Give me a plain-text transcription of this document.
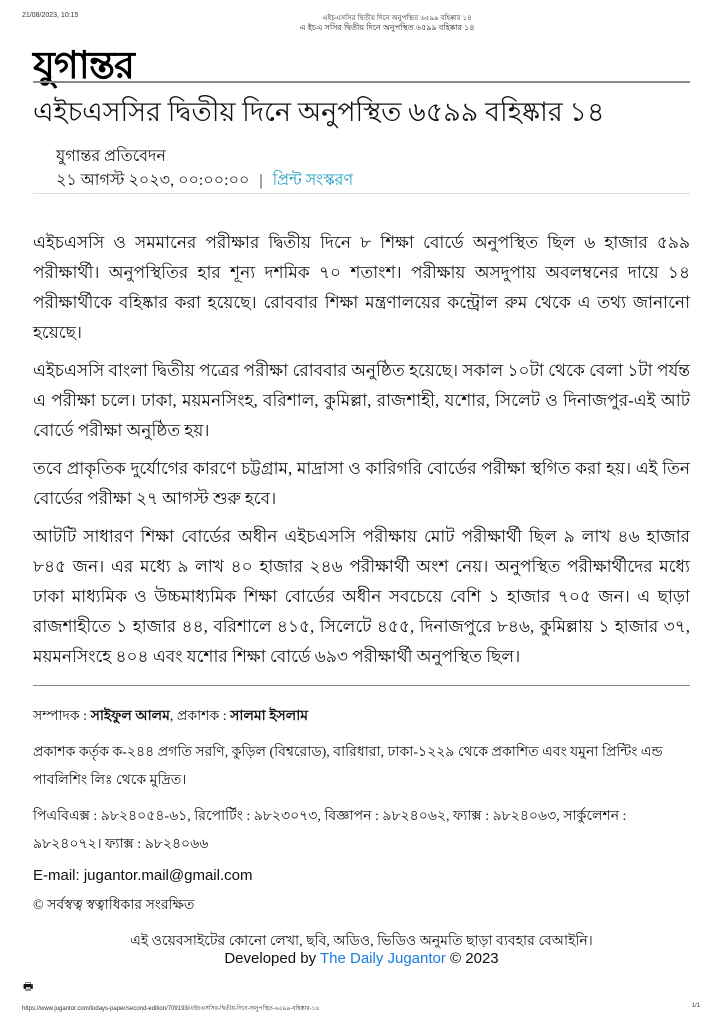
21/08/2023, 10:15	এইচএসসির দ্বিতীয় দিনে অনুপস্থিত ৬৫৯৯ বহিষ্কার ১৪
এ ইচএ সসির দ্বিতীয় দিনে অনুপস্থিত ৬৫৯৯ বহিষ্কার ১৪
যুগান্তর
এইচএসসির দ্বিতীয় দিনে অনুপস্থিত ৬৫৯৯ বহিষ্কার ১৪
যুগান্তর প্রতিবেদন
২১ আগস্ট ২০২৩, ০০:০০:০০ | প্রিন্ট সংস্করণ

এইচএসসি ও সমমানের পরীক্ষার দ্বিতীয় দিনে ৮ শিক্ষা বোর্ডে অনুপস্থিত ছিল ৬ হাজার ৫৯৯ পরীক্ষার্থী। অনুপস্থিতির হার শূন্য দশমিক ৭০ শতাংশ। পরীক্ষায় অসদুপায় অবলম্বনের দায়ে ১৪ পরীক্ষার্থীকে বহিষ্কার করা হয়েছে। রোববার শিক্ষা মন্ত্রণালয়ের কন্ট্রোল রুম থেকে এ তথ্য জানানো হয়েছে।

এইচএসসি বাংলা দ্বিতীয় পত্রের পরীক্ষা রোববার অনুষ্ঠিত হয়েছে। সকাল ১০টা থেকে বেলা ১টা পর্যন্ত এ পরীক্ষা চলে। ঢাকা, ময়মনসিংহ, বরিশাল, কুমিল্লা, রাজশাহী, যশোর, সিলেট ও দিনাজপুর-এই আট বোর্ডে পরীক্ষা অনুষ্ঠিত হয়।

তবে প্রাকৃতিক দুর্যোগের কারণে চট্টগ্রাম, মাদ্রাসা ও কারিগরি বোর্ডের পরীক্ষা স্থগিত করা হয়। এই তিন বোর্ডের পরীক্ষা ২৭ আগস্ট শুরু হবে।

আটটি সাধারণ শিক্ষা বোর্ডের অধীন এইচএসসি পরীক্ষায় মোট পরীক্ষার্থী ছিল ৯ লাখ ৪৬ হাজার ৮৪৫ জন। এর মধ্যে ৯ লাখ ৪০ হাজার ২৪৬ পরীক্ষার্থী অংশ নেয়। অনুপস্থিত পরীক্ষার্থীদের মধ্যে ঢাকা মাধ্যমিক ও উচ্চমাধ্যমিক শিক্ষা বোর্ডের অধীন সবচেয়ে বেশি ১ হাজার ৭০৫ জন। এ ছাড়া রাজশাহীতে ১ হাজার ৪৪, বরিশালে ৪১৫, সিলেটে ৪৫৫, দিনাজপুরে ৮৪৬, কুমিল্লায় ১ হাজার ৩৭, ময়মনসিংহে ৪০৪ এবং যশোর শিক্ষা বোর্ডে ৬৯৩ পরীক্ষার্থী অনুপস্থিত ছিল।

সম্পাদক : সাইফুল আলম, প্রকাশক : সালমা ইসলাম

প্রকাশক কর্তৃক ক-২৪৪ প্রগতি সরণি, কুড়িল (বিশ্বরোড), বারিধারা, ঢাকা-১২২৯ থেকে প্রকাশিত এবং যমুনা প্রিন্টিং এন্ড পাবলিশিং লিঃ থেকে মুদ্রিত।

পিএবিএক্স : ৯৮২৪০৫৪-৬১, রিপোর্টিং : ৯৮২৩০৭৩, বিজ্ঞাপন : ৯৮২৪০৬২, ফ্যাক্স : ৯৮২৪০৬৩, সার্কুলেশন : ৯৮২৪০৭২। ফ্যাক্স : ৯৮২৪০৬৬

E-mail: jugantor.mail@gmail.com

© সর্বস্বত্ব স্বত্বাধিকার সংরক্ষিত

এই ওয়েবসাইটের কোনো লেখা, ছবি, অডিও, ভিডিও অনুমতি ছাড়া ব্যবহার বেআইনি।

Developed by The Daily Jugantor © 2023

🖶
https://www.jugantor.com/todays-paper/second-edition/709193/এইচএসসির-দ্বিতীয়-দিনে-অনুপস্থিত-৬৫৯৯-বহিষ্কার-১৪	1/1
